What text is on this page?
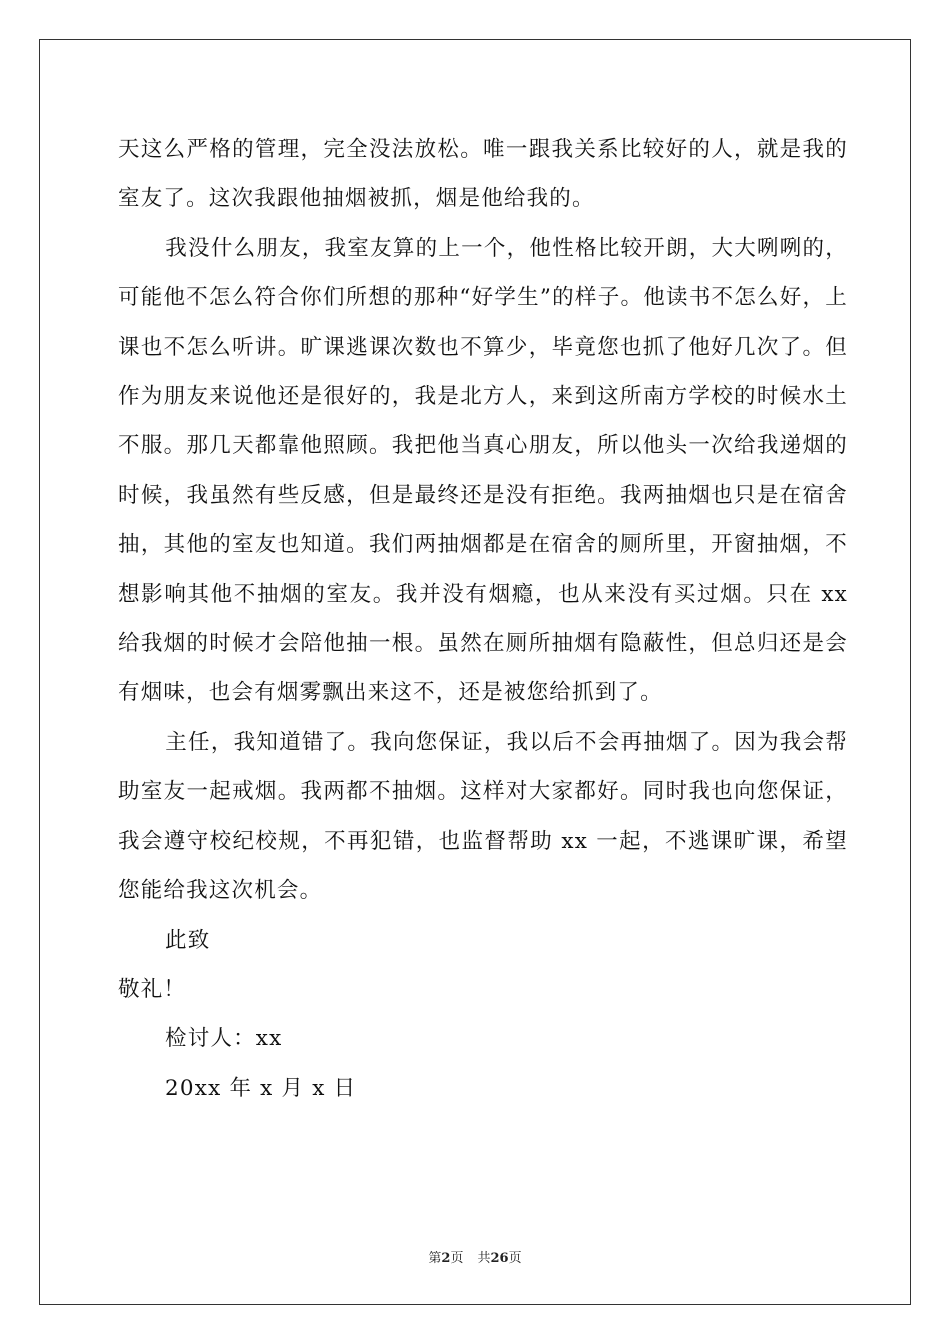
天这么严格的管理，完全没法放松。唯一跟我关系比较好的人，就是我的室友了。这次我跟他抽烟被抓，烟是他给我的。

我没什么朋友，我室友算的上一个，他性格比较开朗，大大咧咧的，可能他不怎么符合你们所想的那种“好学生”的样子。他读书不怎么好，上课也不怎么听讲。旷课逃课次数也不算少，毕竟您也抓了他好几次了。但作为朋友来说他还是很好的，我是北方人，来到这所南方学校的时候水土不服。那几天都靠他照顾。我把他当真心朋友，所以他头一次给我递烟的时候，我虽然有些反感，但是最终还是没有拒绝。我两抽烟也只是在宿舍抽，其他的室友也知道。我们两抽烟都是在宿舍的厕所里，开窗抽烟，不想影响其他不抽烟的室友。我并没有烟瘾，也从来没有买过烟。只在 xx 给我烟的时候才会陪他抽一根。虽然在厕所抽烟有隐蔽性，但总归还是会有烟味，也会有烟雾飘出来这不，还是被您给抓到了。

主任，我知道错了。我向您保证，我以后不会再抽烟了。因为我会帮助室友一起戒烟。我两都不抽烟。这样对大家都好。同时我也向您保证，我会遵守校纪校规，不再犯错，也监督帮助 xx 一起，不逃课旷课，希望您能给我这次机会。

此致

敬礼！

检讨人：xx

20xx 年 x 月 x 日

第2页 共26页
